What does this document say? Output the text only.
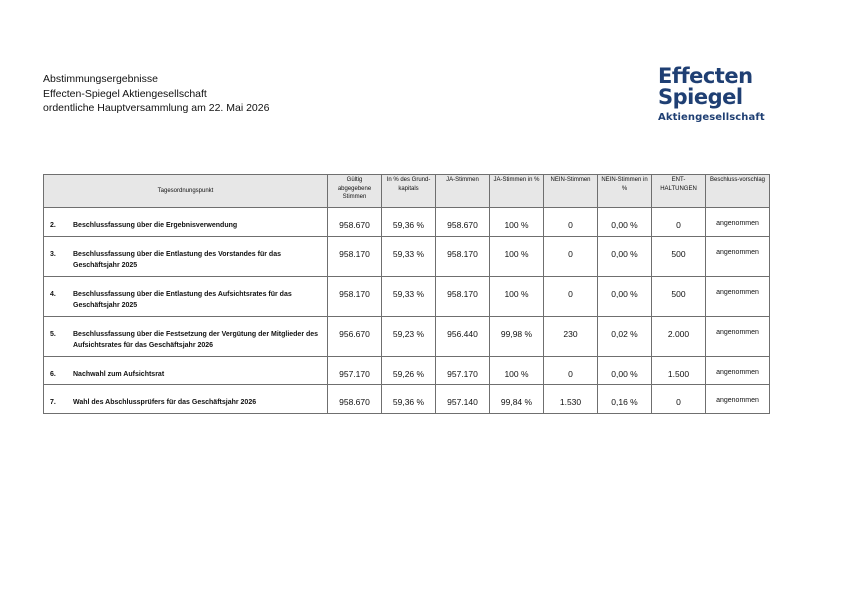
Abstimmungsergebnisse
Effecten-Spiegel Aktiengesellschaft
ordentliche Hauptversammlung am 22. Mai 2026
Effecten
Spiegel
Aktiengesellschaft
Tagesordnungspunkt	Gültig abgegebene Stimmen	In % des Grund-kapitals	JA-Stimmen	JA-Stimmen in %	NEIN-Stimmen	NEIN-Stimmen in %	ENT-HALTUNGEN	Beschluss-vorschlag
2. Beschlussfassung über die Ergebnisverwendung	958.670	59,36 %	958.670	100 %	0	0,00 %	0	angenommen
3. Beschlussfassung über die Entlastung des Vorstandes für das Geschäftsjahr 2025	958.170	59,33 %	958.170	100 %	0	0,00 %	500	angenommen
4. Beschlussfassung über die Entlastung des Aufsichtsrates für das Geschäftsjahr 2025	958.170	59,33 %	958.170	100 %	0	0,00 %	500	angenommen
5. Beschlussfassung über die Festsetzung der Vergütung der Mitglieder des Aufsichtsrates für das Geschäftsjahr 2026	956.670	59,23 %	956.440	99,98 %	230	0,02 %	2.000	angenommen
6. Nachwahl zum Aufsichtsrat	957.170	59,26 %	957.170	100 %	0	0,00 %	1.500	angenommen
7. Wahl des Abschlussprüfers für das Geschäftsjahr 2026	958.670	59,36 %	957.140	99,84 %	1.530	0,16 %	0	angenommen
